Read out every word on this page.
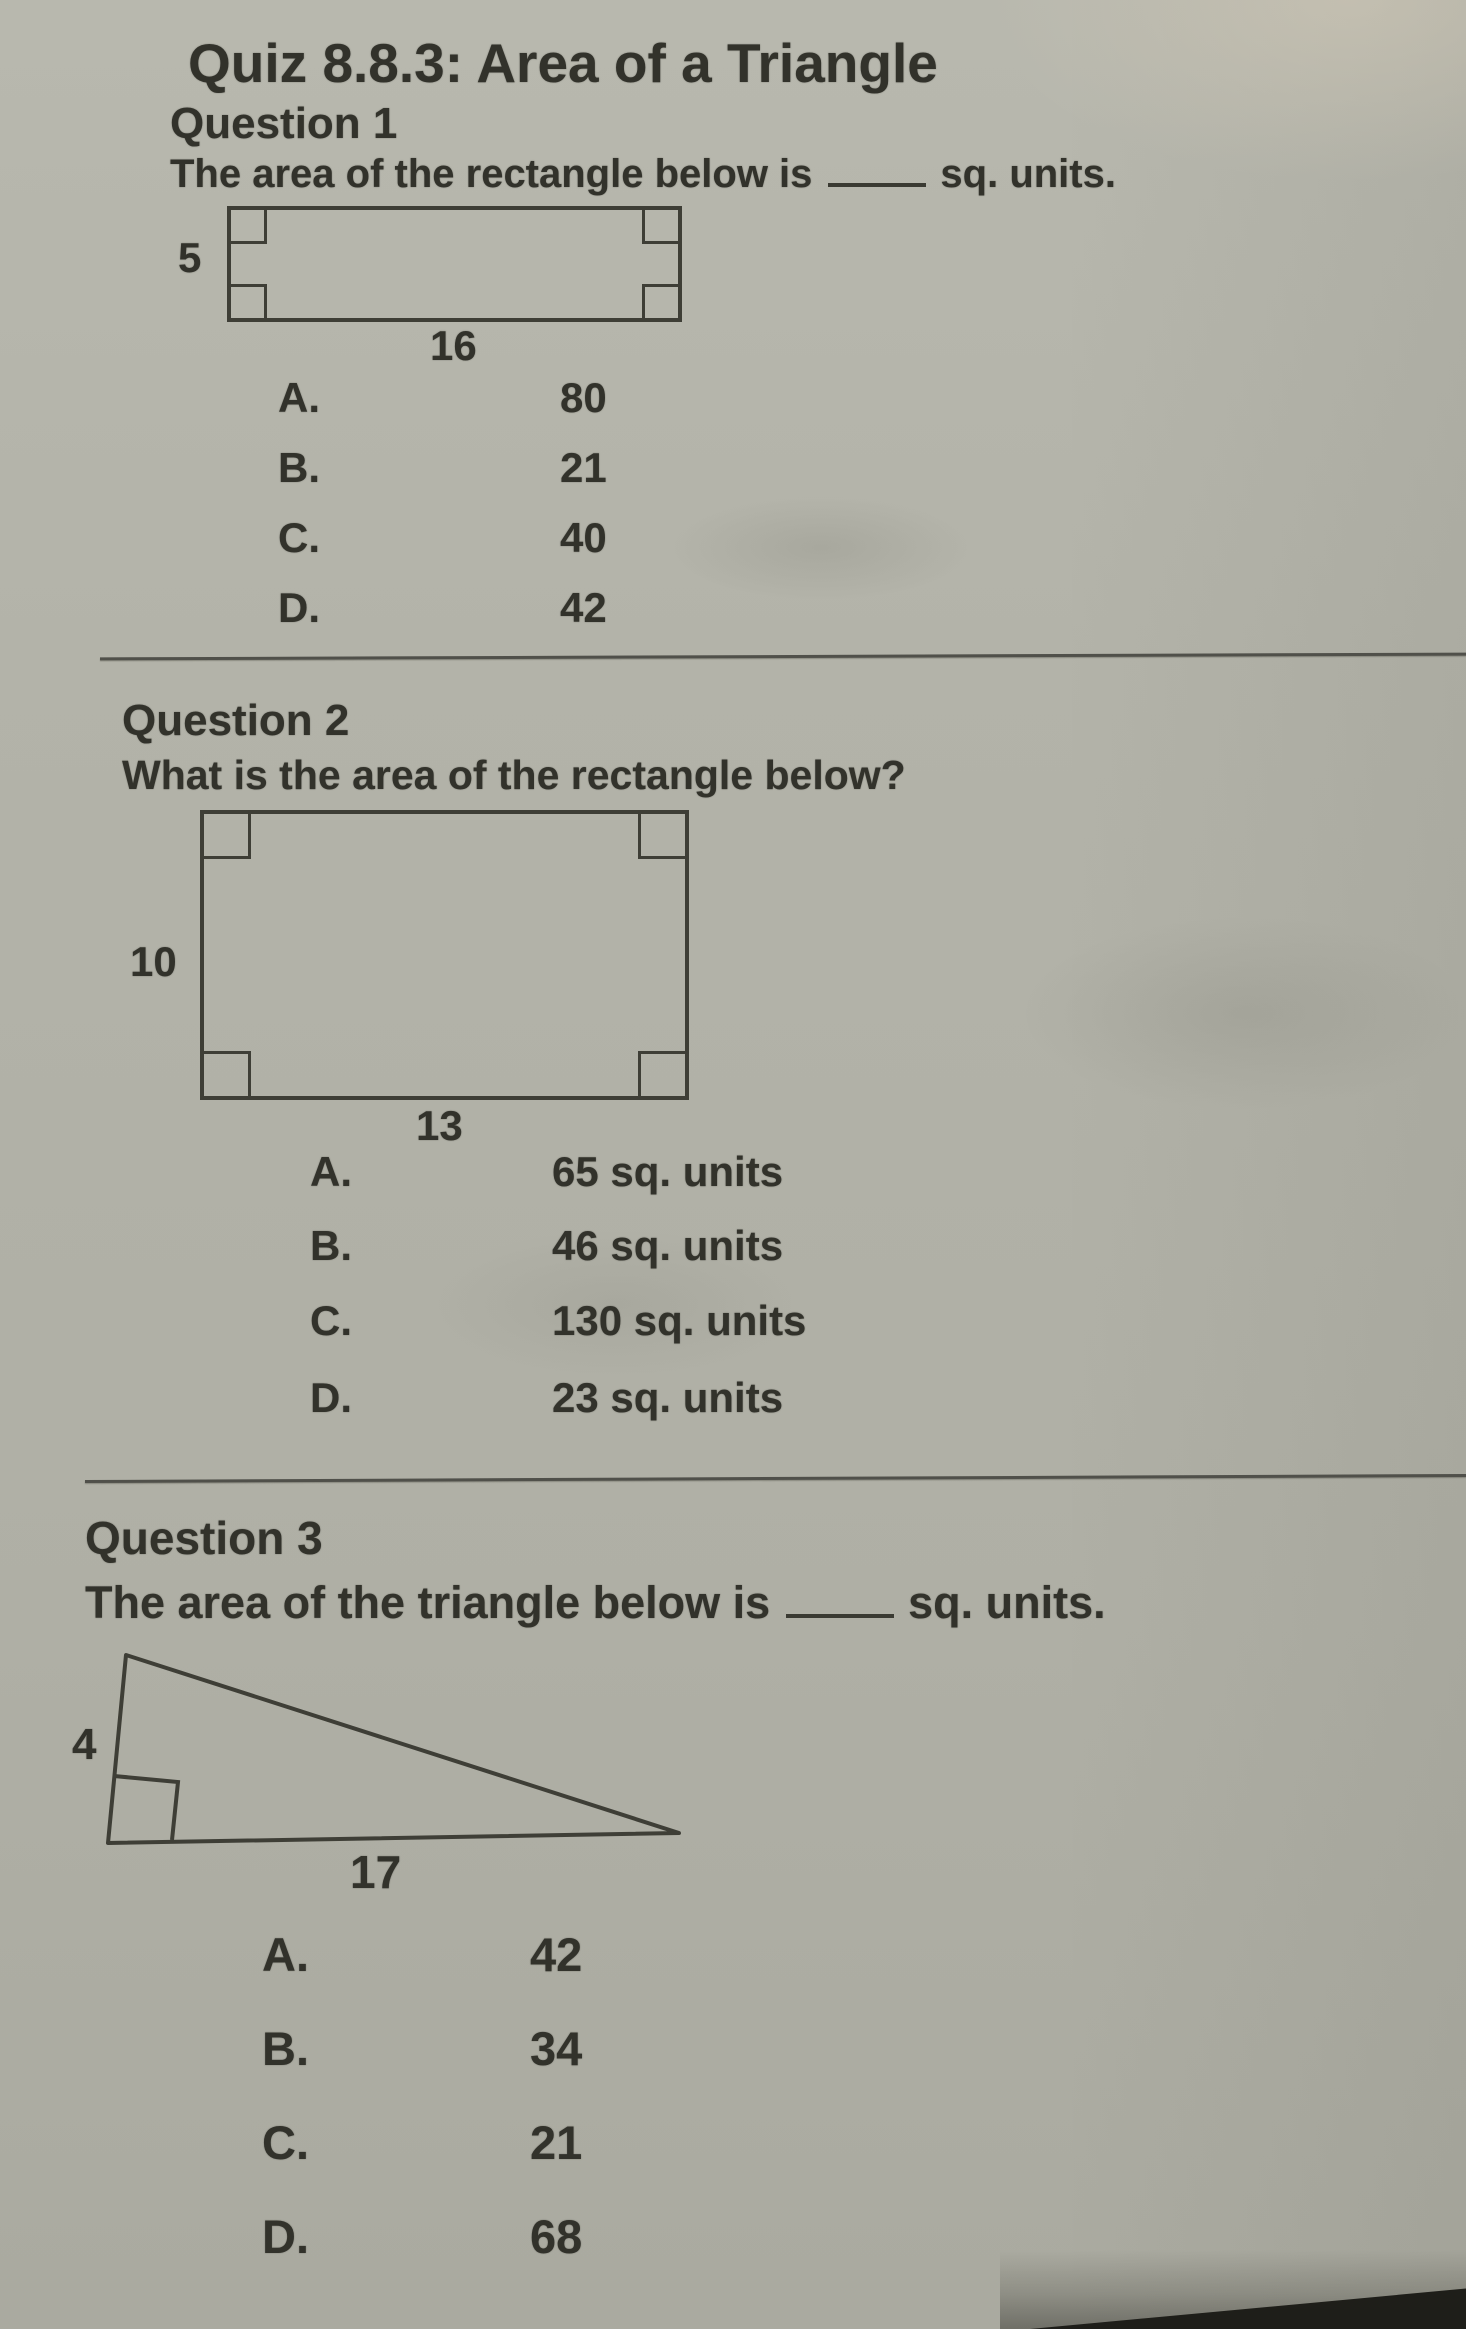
Quiz 8.8.3: Area of a Triangle
Question 1
The area of the rectangle below is	sq. units.
5
16
A.	80
B.	21
C.	40
D.	42
Question 2
What is the area of the rectangle below?
10
13
A.	65 sq. units
B.	46 sq. units
C.	130 sq. units
D.	23 sq. units
Question 3
The area of the triangle below is	sq. units.
4
17
A.	42
B.	34
C.	21
D.	68
